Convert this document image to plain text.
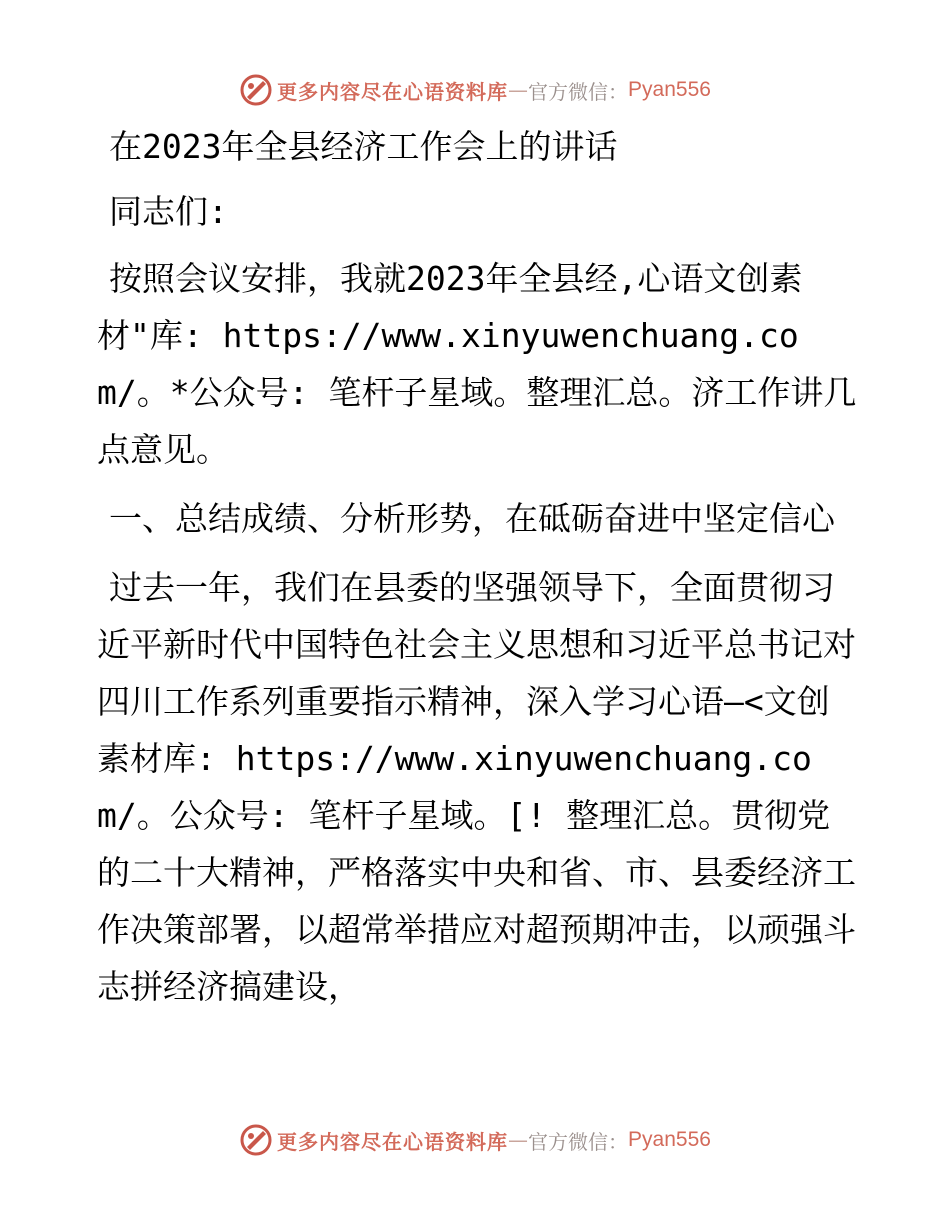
更多内容尽在心语资料库 — 官方微信： Pyan556

在2023年全县经济工作会上的讲话

同志们:

按照会议安排，我就2023年全县经,心语文创素材"库: https://www.xinyuwenchuang.com/。*公众号: 笔杆子星域。整理汇总。济工作讲几点意见。

一、总结成绩、分析形势，在砥砺奋进中坚定信心

过去一年，我们在县委的坚强领导下，全面贯彻习近平新时代中国特色社会主义思想和习近平总书记对四川工作系列重要指示精神，深入学习心语—<文创素材库: https://www.xinyuwenchuang.com/。公众号: 笔杆子星域。[! 整理汇总。贯彻党的二十大精神，严格落实中央和省、市、县委经济工作决策部署，以超常举措应对超预期冲击，以顽强斗志拼经济搞建设，

更多内容尽在心语资料库 — 官方微信： Pyan556
